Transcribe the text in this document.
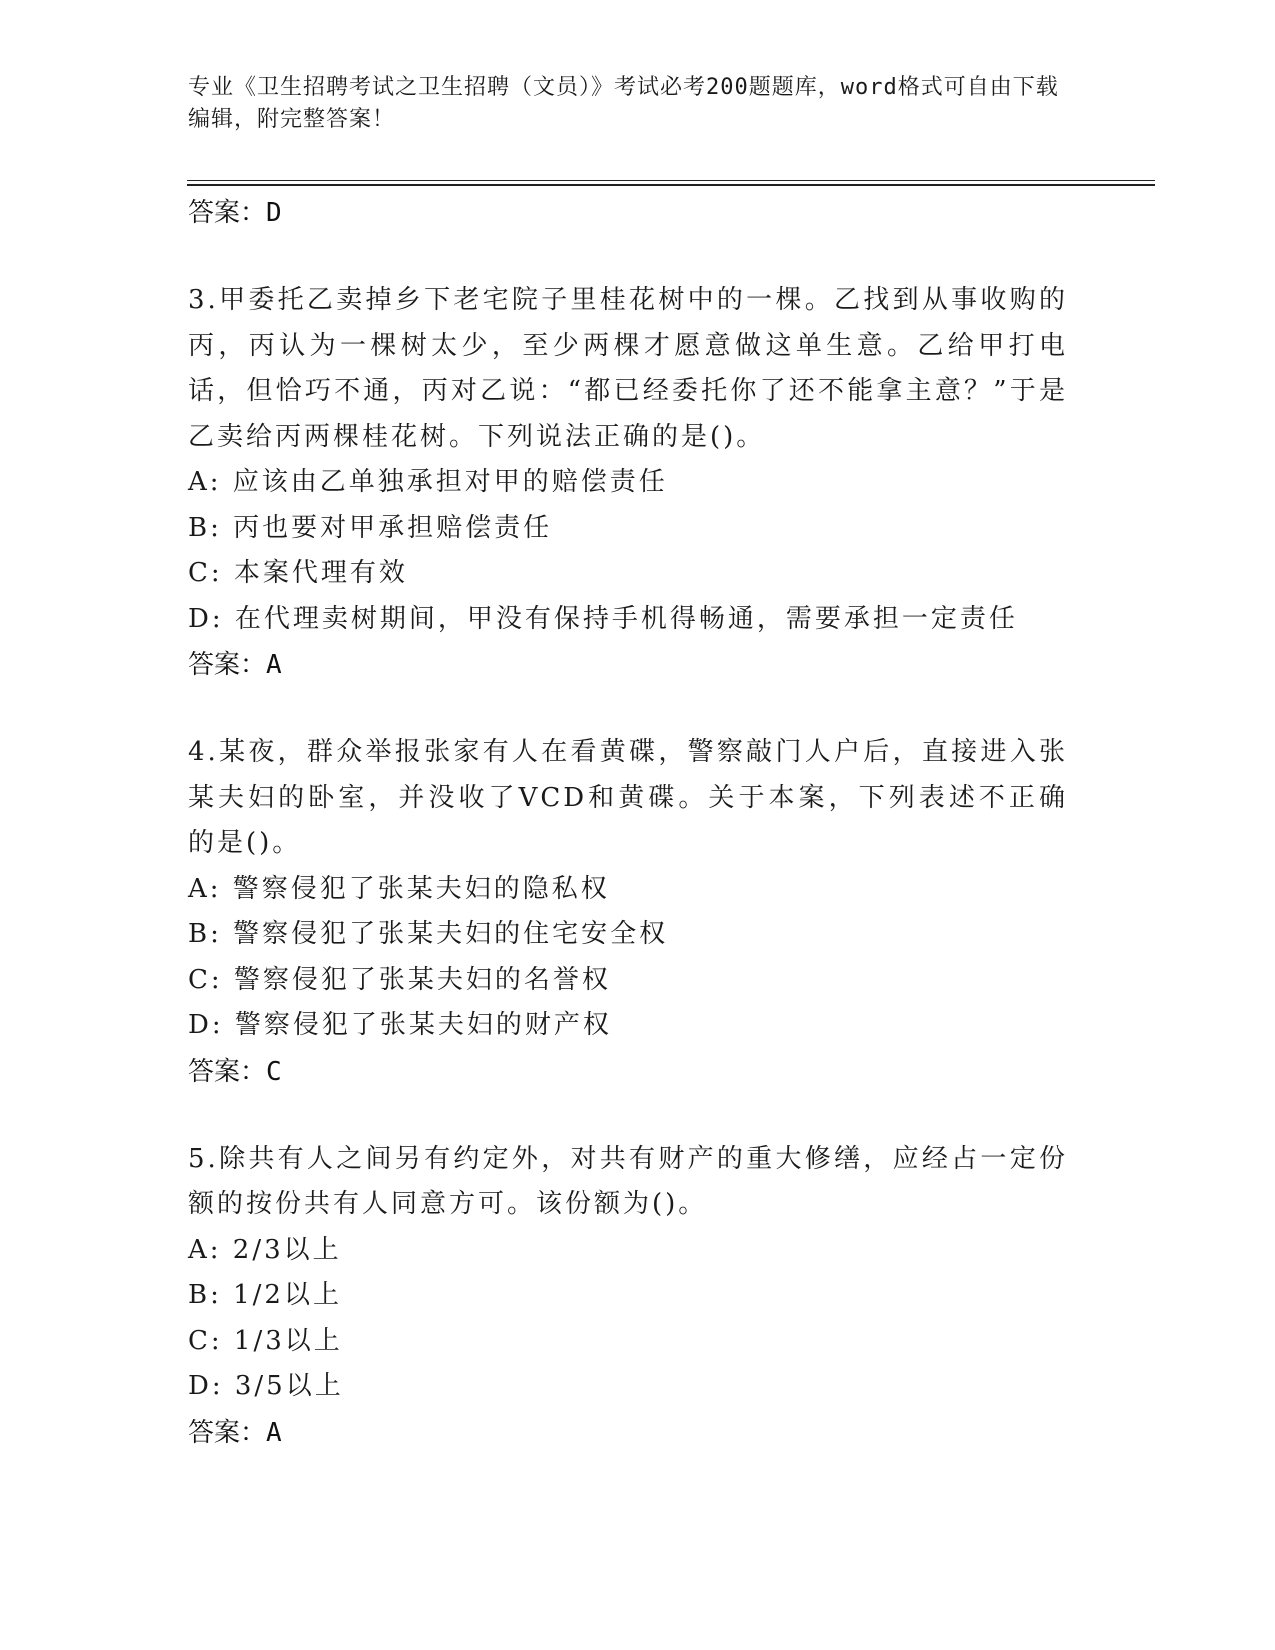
专业《卫生招聘考试之卫生招聘（文员）》考试必考200题题库，word格式可自由下载编辑，附完整答案！
答案：D
3.甲委托乙卖掉乡下老宅院子里桂花树中的一棵。乙找到从事收购的丙，丙认为一棵树太少，至少两棵才愿意做这单生意。乙给甲打电话，但恰巧不通，丙对乙说：“都已经委托你了还不能拿主意？”于是乙卖给丙两棵桂花树。下列说法正确的是()。
A: 应该由乙单独承担对甲的赔偿责任
B: 丙也要对甲承担赔偿责任
C: 本案代理有效
D: 在代理卖树期间，甲没有保持手机得畅通，需要承担一定责任
答案：A
4.某夜，群众举报张家有人在看黄碟，警察敲门人户后，直接进入张某夫妇的卧室，并没收了VCD和黄碟。关于本案，下列表述不正确的是()。
A: 警察侵犯了张某夫妇的隐私权
B: 警察侵犯了张某夫妇的住宅安全权
C: 警察侵犯了张某夫妇的名誉权
D: 警察侵犯了张某夫妇的财产权
答案：C
5.除共有人之间另有约定外，对共有财产的重大修缮，应经占一定份额的按份共有人同意方可。该份额为()。
A: 2/3以上
B: 1/2以上
C: 1/3以上
D: 3/5以上
答案：A
